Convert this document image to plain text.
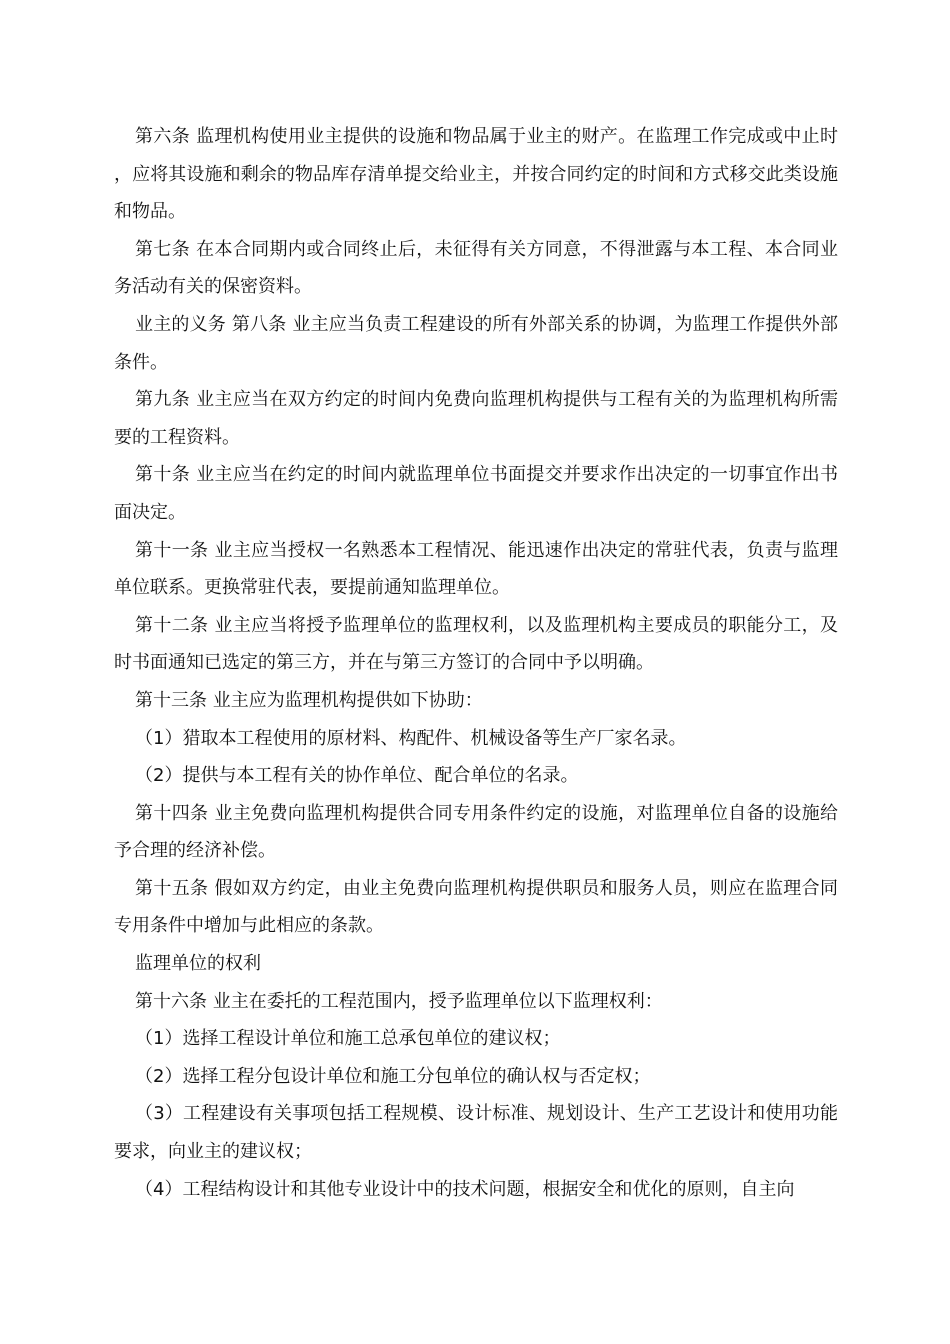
第六条 监理机构使用业主提供的设施和物品属于业主的财产。在监理工作完成或中止时，应将其设施和剩余的物品库存清单提交给业主，并按合同约定的时间和方式移交此类设施和物品。

第七条 在本合同期内或合同终止后，未征得有关方同意，不得泄露与本工程、本合同业务活动有关的保密资料。

业主的义务 第八条 业主应当负责工程建设的所有外部关系的协调，为监理工作提供外部条件。

第九条 业主应当在双方约定的时间内免费向监理机构提供与工程有关的为监理机构所需要的工程资料。

第十条 业主应当在约定的时间内就监理单位书面提交并要求作出决定的一切事宜作出书面决定。

第十一条 业主应当授权一名熟悉本工程情况、能迅速作出决定的常驻代表，负责与监理单位联系。更换常驻代表，要提前通知监理单位。

第十二条 业主应当将授予监理单位的监理权利，以及监理机构主要成员的职能分工，及时书面通知已选定的第三方，并在与第三方签订的合同中予以明确。

第十三条 业主应为监理机构提供如下协助：

（1）猎取本工程使用的原材料、构配件、机械设备等生产厂家名录。

（2）提供与本工程有关的协作单位、配合单位的名录。

第十四条 业主免费向监理机构提供合同专用条件约定的设施，对监理单位自备的设施给予合理的经济补偿。

第十五条 假如双方约定，由业主免费向监理机构提供职员和服务人员，则应在监理合同专用条件中增加与此相应的条款。

监理单位的权利

第十六条 业主在委托的工程范围内，授予监理单位以下监理权利：

（1）选择工程设计单位和施工总承包单位的建议权；

（2）选择工程分包设计单位和施工分包单位的确认权与否定权；

（3）工程建设有关事项包括工程规模、设计标准、规划设计、生产工艺设计和使用功能要求，向业主的建议权；

（4）工程结构设计和其他专业设计中的技术问题，根据安全和优化的原则，自主向
